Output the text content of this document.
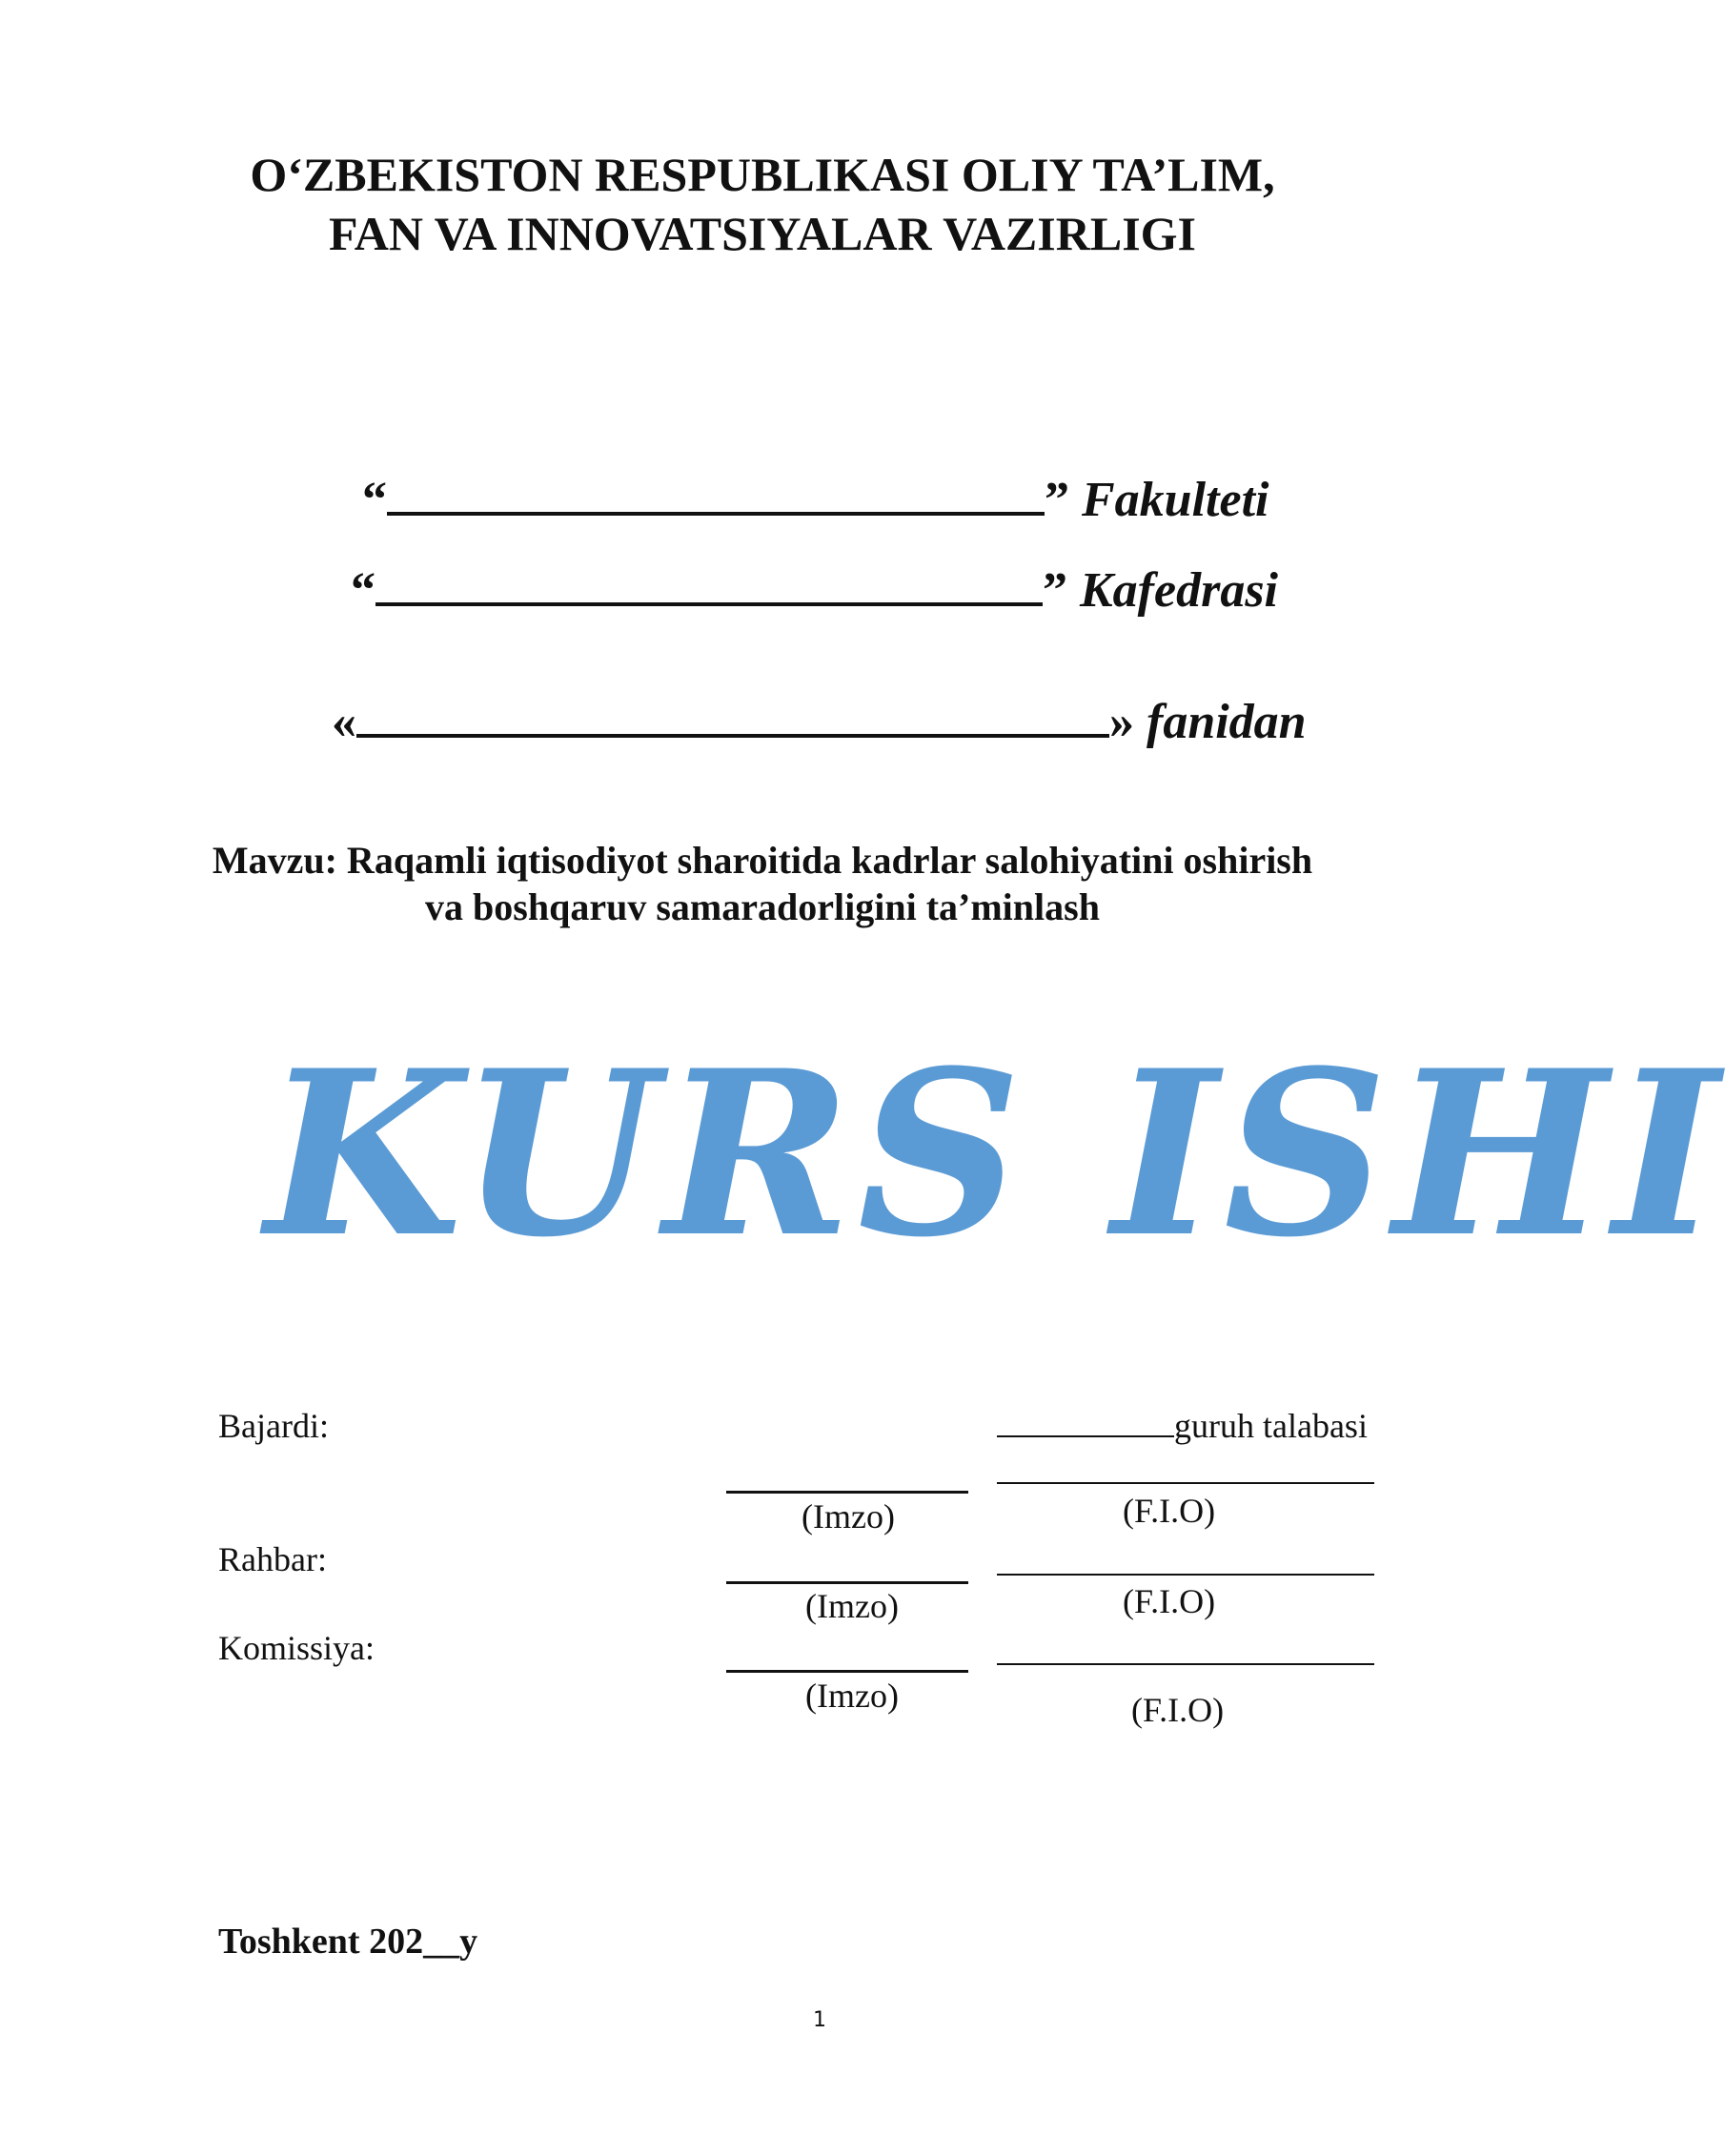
O‘ZBEKISTON RESPUBLIKASI OLIY TA’LIM,
FAN VA INNOVATSIYALAR VAZIRLIGI
“	” Fakulteti
“	” Kafedrasi
«	» fanidan
Mavzu: Raqamli iqtisodiyot sharoitida kadrlar salohiyatini oshirish
va boshqaruv samaradorligini ta’minlash
KURS ISHI
Bajardi:	guruh talabasi
(Imzo)	(F.I.O)
Rahbar:
(Imzo)	(F.I.O)
Komissiya:
(Imzo)	(F.I.O)
Toshkent 202__y
1
